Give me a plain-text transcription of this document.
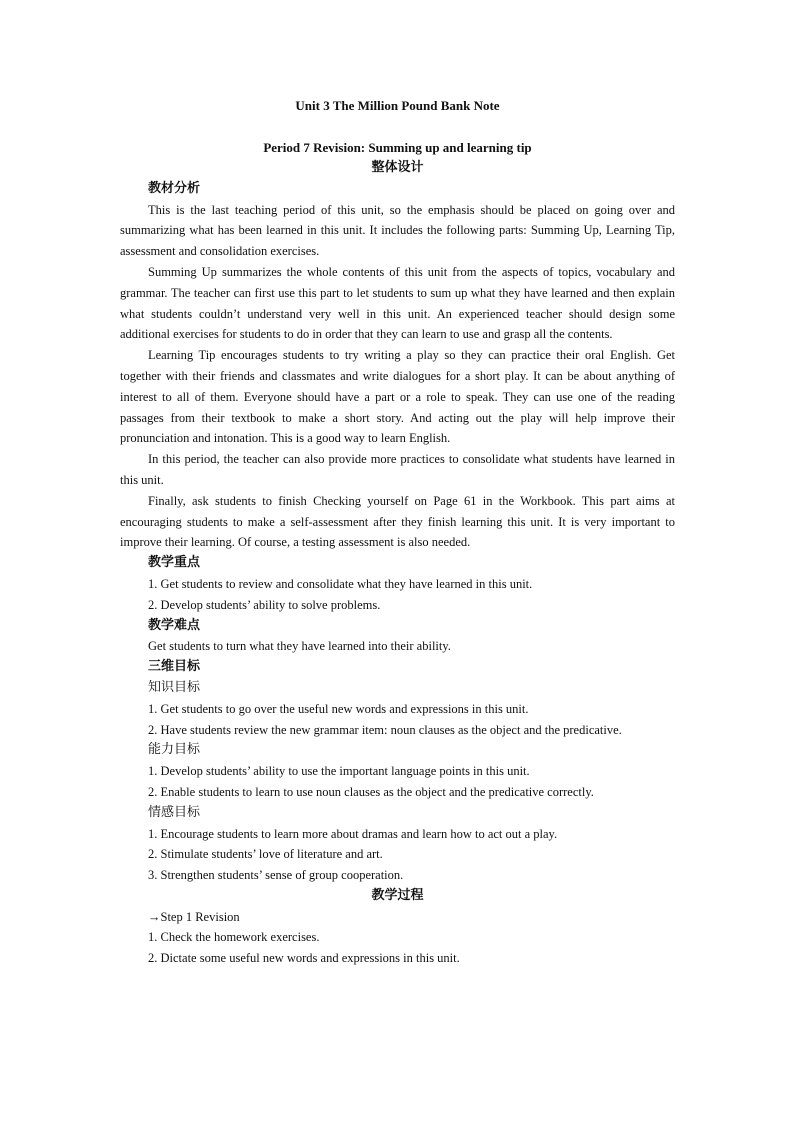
Unit 3 The Million Pound Bank Note
Period 7 Revision: Summing up and learning tip
整体设计
教材分析

This is the last teaching period of this unit, so the emphasis should be placed on going over and summarizing what has been learned in this unit. It includes the following parts: Summing Up, Learning Tip, assessment and consolidation exercises.

Summing Up summarizes the whole contents of this unit from the aspects of topics, vocabulary and grammar. The teacher can first use this part to let students to sum up what they have learned and then explain what students couldn’t understand very well in this unit. An experienced teacher should design some additional exercises for students to do in order that they can learn to use and grasp all the contents.

Learning Tip encourages students to try writing a play so they can practice their oral English. Get together with their friends and classmates and write dialogues for a short play. It can be about anything of interest to all of them. Everyone should have a part or a role to speak. They can use one of the reading passages from their textbook to make a short story. And acting out the play will help improve their pronunciation and intonation. This is a good way to learn English.

In this period, the teacher can also provide more practices to consolidate what students have learned in this unit.

Finally, ask students to finish Checking yourself on Page 61 in the Workbook. This part aims at encouraging students to make a self-assessment after they finish learning this unit. It is very important to improve their learning. Of course, a testing assessment is also needed.

教学重点

1. Get students to review and consolidate what they have learned in this unit.

2. Develop students’ ability to solve problems.

教学难点

Get students to turn what they have learned into their ability.

三维目标
知识目标

1. Get students to go over the useful new words and expressions in this unit.

2. Have students review the new grammar item: noun clauses as the object and the predicative.

能力目标

1. Develop students’ ability to use the important language points in this unit.

2. Enable students to learn to use noun clauses as the object and the predicative correctly.

情感目标

1. Encourage students to learn more about dramas and learn how to act out a play.

2. Stimulate students’ love of literature and art.

3. Strengthen students’ sense of group cooperation.

教学过程

→Step 1 Revision

1. Check the homework exercises.

2. Dictate some useful new words and expressions in this unit.
